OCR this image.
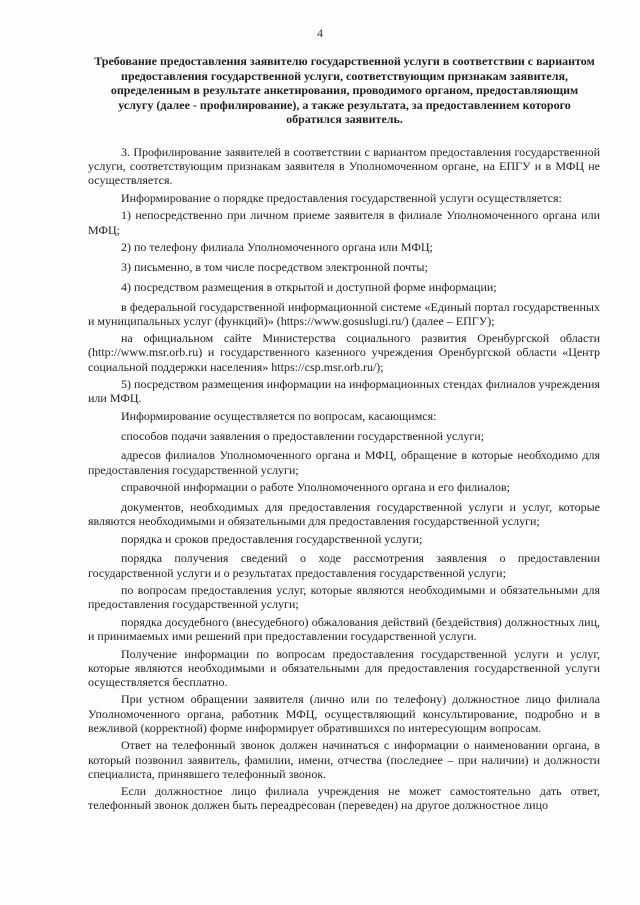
4
Требование предоставления заявителю государственной услуги в соответствии с вариантом предоставления государственной услуги, соответствующим признакам заявителя, определенным в результате анкетирования, проводимого органом, предоставляющим услугу (далее - профилирование), а также результата, за предоставлением которого обратился заявитель.

3. Профилирование заявителей в соответствии с вариантом предоставления государственной услуги, соответствующим признакам заявителя в Уполномоченном органе, на ЕПГУ и в МФЦ не осуществляется.

Информирование о порядке предоставления государственной услуги осуществляется:

1) непосредственно при личном приеме заявителя в филиале Уполномоченного органа или МФЦ;

2) по телефону филиала Уполномоченного органа или МФЦ;

3) письменно, в том числе посредством электронной почты;

4) посредством размещения в открытой и доступной форме информации;

в федеральной государственной информационной системе «Единый портал государственных и муниципальных услуг (функций)» (https://www.gosuslugi.ru/) (далее – ЕПГУ);

на официальном сайте Министерства социального развития Оренбургской области (http://www.msr.orb.ru) и государственного казенного учреждения Оренбургской области «Центр социальной поддержки населения» https://csp.msr.orb.ru/);

5) посредством размещения информации на информационных стендах филиалов учреждения или МФЦ.

Информирование осуществляется по вопросам, касающимся:

способов подачи заявления о предоставлении государственной услуги;

адресов филиалов Уполномоченного органа и МФЦ, обращение в которые необходимо для предоставления государственной услуги;

справочной информации о работе Уполномоченного органа и его филиалов;

документов, необходимых для предоставления государственной услуги и услуг, которые являются необходимыми и обязательными для предоставления государственной услуги;

порядка и сроков предоставления государственной услуги;

порядка получения сведений о ходе рассмотрения заявления о предоставлении государственной услуги и о результатах предоставления государственной услуги;

по вопросам предоставления услуг, которые являются необходимыми и обязательными для предоставления государственной услуги;

порядка досудебного (внесудебного) обжалования действий (бездействия) должностных лиц, и принимаемых ими решений при предоставлении государственной услуги.

Получение информации по вопросам предоставления государственной услуги и услуг, которые являются необходимыми и обязательными для предоставления государственной услуги осуществляется бесплатно.

При устном обращении заявителя (лично или по телефону) должностное лицо филиала Уполномоченного органа, работник МФЦ, осуществляющий консультирование, подробно и в вежливой (корректной) форме информирует обратившихся по интересующим вопросам.

Ответ на телефонный звонок должен начинаться с информации о наименовании органа, в который позвонил заявитель, фамилии, имени, отчества (последнее – при наличии) и должности специалиста, принявшего телефонный звонок.

Если должностное лицо филиала учреждения не может самостоятельно дать ответ, телефонный звонок должен быть переадресован (переведен) на другое должностное лицо
